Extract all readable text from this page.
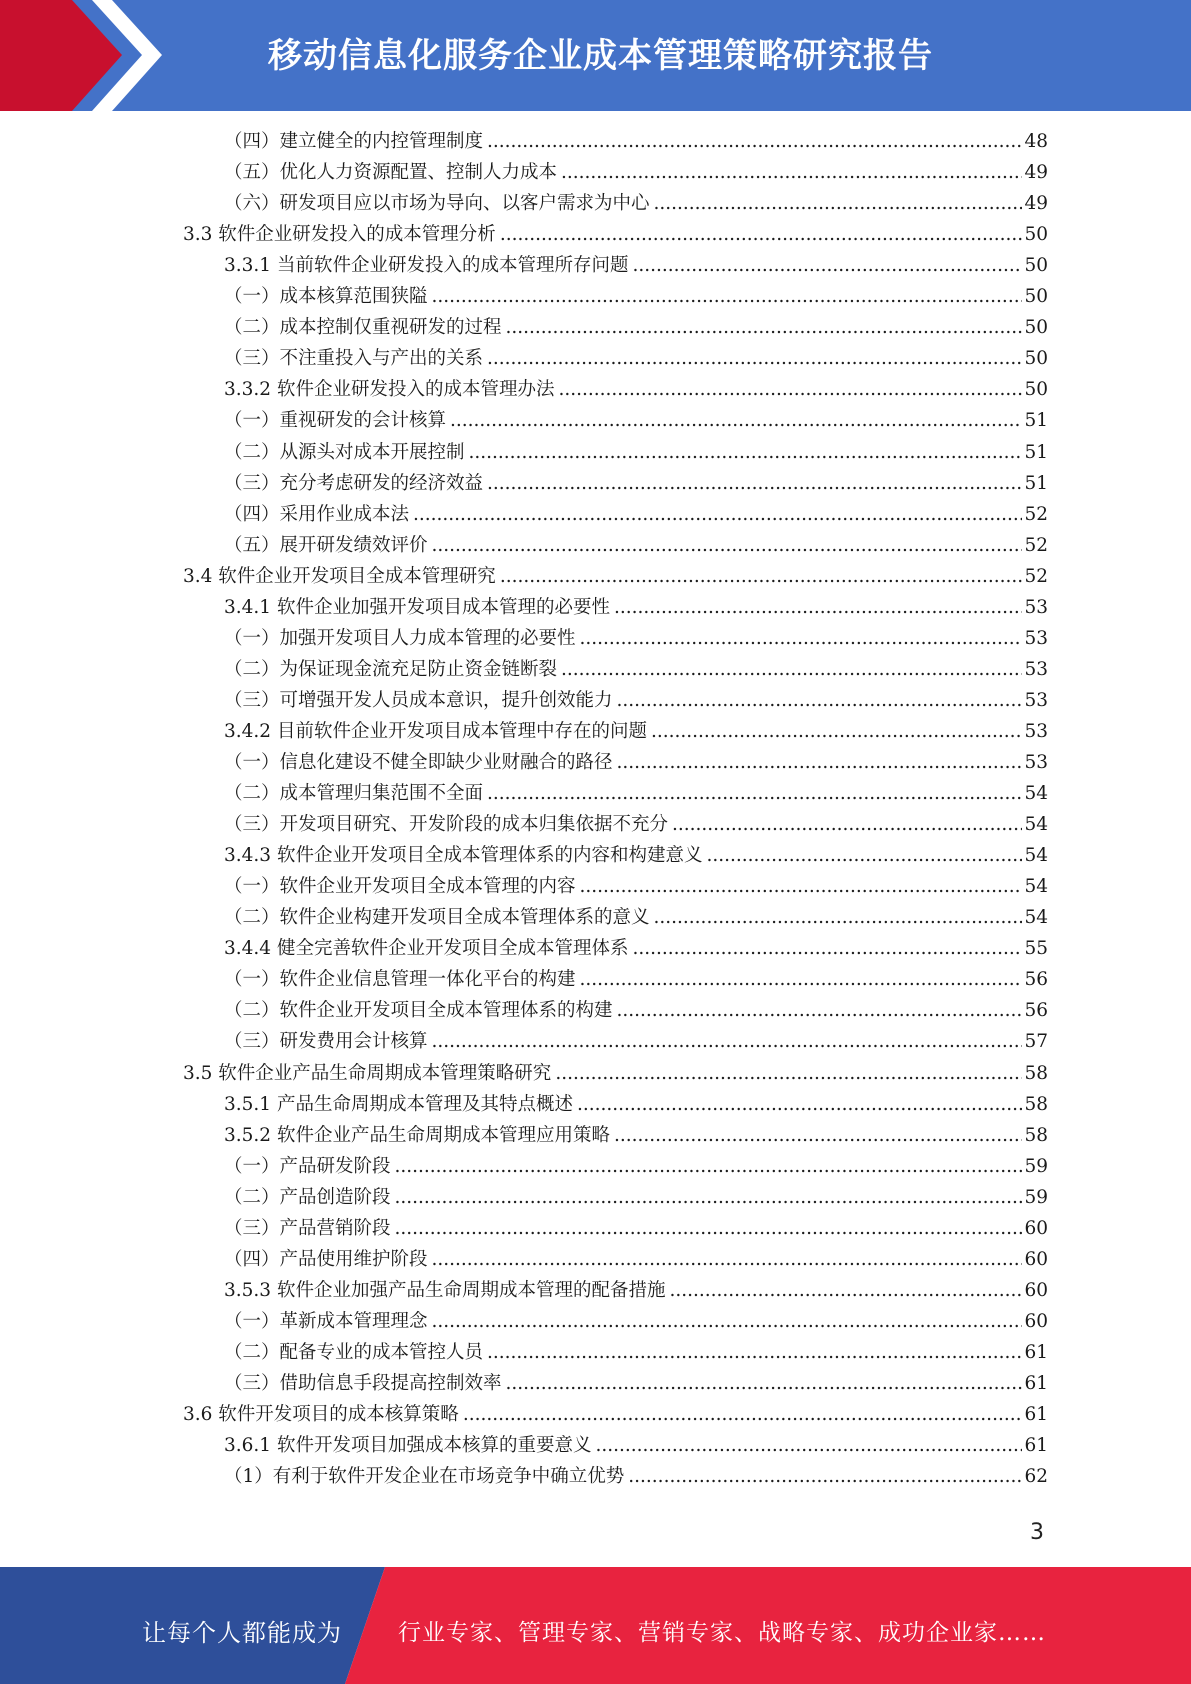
移动信息化服务企业成本管理策略研究报告
（四）建立健全的内控管理制度 .....	48
（五）优化人力资源配置、控制人力成本 .....	49
（六）研发项目应以市场为导向、以客户需求为中心 .....	49
3.3 软件企业研发投入的成本管理分析 .....	50
3.3.1 当前软件企业研发投入的成本管理所存问题 .....	50
（一）成本核算范围狭隘 .....	50
（二）成本控制仅重视研发的过程 .....	50
（三）不注重投入与产出的关系 .....	50
3.3.2 软件企业研发投入的成本管理办法 .....	50
（一）重视研发的会计核算 .....	51
（二）从源头对成本开展控制 .....	51
（三）充分考虑研发的经济效益 .....	51
（四）采用作业成本法 .....	52
（五）展开研发绩效评价 .....	52
3.4 软件企业开发项目全成本管理研究 .....	52
3.4.1 软件企业加强开发项目成本管理的必要性 .....	53
（一）加强开发项目人力成本管理的必要性 .....	53
（二）为保证现金流充足防止资金链断裂 .....	53
（三）可增强开发人员成本意识，提升创效能力 .....	53
3.4.2 目前软件企业开发项目成本管理中存在的问题 .....	53
（一）信息化建设不健全即缺少业财融合的路径 .....	53
（二）成本管理归集范围不全面 .....	54
（三）开发项目研究、开发阶段的成本归集依据不充分 .....	54
3.4.3 软件企业开发项目全成本管理体系的内容和构建意义 .....	54
（一）软件企业开发项目全成本管理的内容 .....	54
（二）软件企业构建开发项目全成本管理体系的意义 .....	54
3.4.4 健全完善软件企业开发项目全成本管理体系 .....	55
（一）软件企业信息管理一体化平台的构建 .....	56
（二）软件企业开发项目全成本管理体系的构建 .....	56
（三）研发费用会计核算 .....	57
3.5 软件企业产品生命周期成本管理策略研究 .....	58
3.5.1 产品生命周期成本管理及其特点概述 .....	58
3.5.2 软件企业产品生命周期成本管理应用策略 .....	58
（一）产品研发阶段 .....	59
（二）产品创造阶段 .....	59
（三）产品营销阶段 .....	60
（四）产品使用维护阶段 .....	60
3.5.3 软件企业加强产品生命周期成本管理的配备措施 .....	60
（一）革新成本管理理念 .....	60
（二）配备专业的成本管控人员 .....	61
（三）借助信息手段提高控制效率 .....	61
3.6 软件开发项目的成本核算策略 .....	61
3.6.1 软件开发项目加强成本核算的重要意义 .....	61
（1）有利于软件开发企业在市场竞争中确立优势 .....	62
3
让每个人都能成为 行业专家、管理专家、营销专家、战略专家、成功企业家……
